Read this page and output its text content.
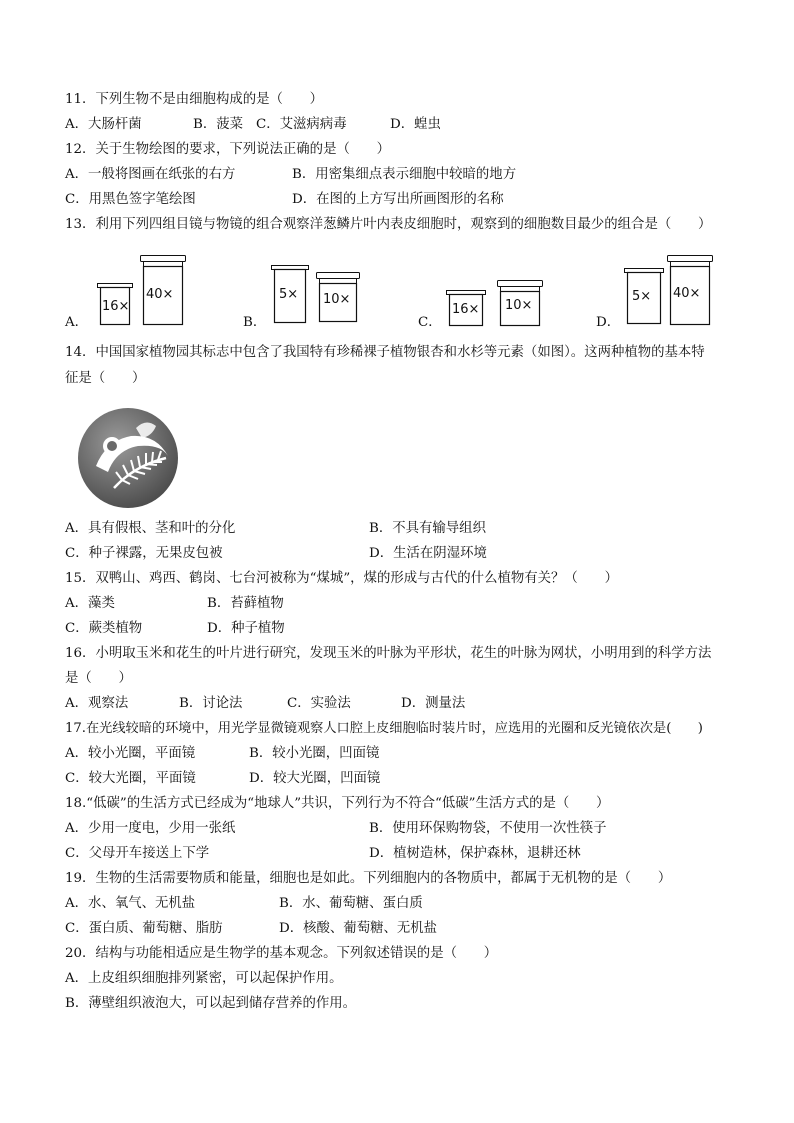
11．下列生物不是由细胞构成的是（　　）
A．大肠杆菌	B．菠菜 C．艾滋病病毒	D．蝗虫
12．关于生物绘图的要求，下列说法正确的是（　　）
A．一般将图画在纸张的右方	B．用密集细点表示细胞中较暗的地方
C．用黑色签字笔绘图	D．在图的上方写出所画图形的名称
13．利用下列四组目镜与物镜的组合观察洋葱鳞片叶内表皮细胞时，观察到的细胞数目最少的组合是（　　）
16×
40×
A．
5× 10×
B．
16× 10×
C．
5× 40×
D．
14．中国国家植物园其标志中包含了我国特有珍稀裸子植物银杏和水杉等元素（如图）。这两种植物的基本特
征是（　　）
A．具有假根、茎和叶的分化	B．不具有输导组织
C．种子裸露，无果皮包被	D．生活在阴湿环境
15．双鸭山、鸡西、鹤岗、七台河被称为“煤城”，煤的形成与古代的什么植物有关？（　　）
A．藻类	B．苔藓植物
C．蕨类植物	D．种子植物
16．小明取玉米和花生的叶片进行研究，发现玉米的叶脉为平形状，花生的叶脉为网状，小明用到的科学方法
是（　　）
A．观察法	B．讨论法	C．实验法	D．测量法
17.在光线较暗的环境中，用光学显微镜观察人口腔上皮细胞临时装片时，应选用的光圈和反光镜依次是(　　)
A．较小光圈，平面镜	B．较小光圈，凹面镜
C．较大光圈，平面镜	D．较大光圈，凹面镜
18.“低碳”的生活方式已经成为“地球人”共识，下列行为不符合“低碳”生活方式的是（　　）
A．少用一度电，少用一张纸	B．使用环保购物袋，不使用一次性筷子
C．父母开车接送上下学	D．植树造林，保护森林，退耕还林
19．生物的生活需要物质和能量，细胞也是如此。下列细胞内的各物质中，都属于无机物的是（　　）
A．水、氧气、无机盐	B．水、葡萄糖、蛋白质
C．蛋白质、葡萄糖、脂肪	D．核酸、葡萄糖、无机盐
20．结构与功能相适应是生物学的基本观念。下列叙述错误的是（　　）
A．上皮组织细胞排列紧密，可以起保护作用。
B．薄壁组织液泡大，可以起到储存营养的作用。
